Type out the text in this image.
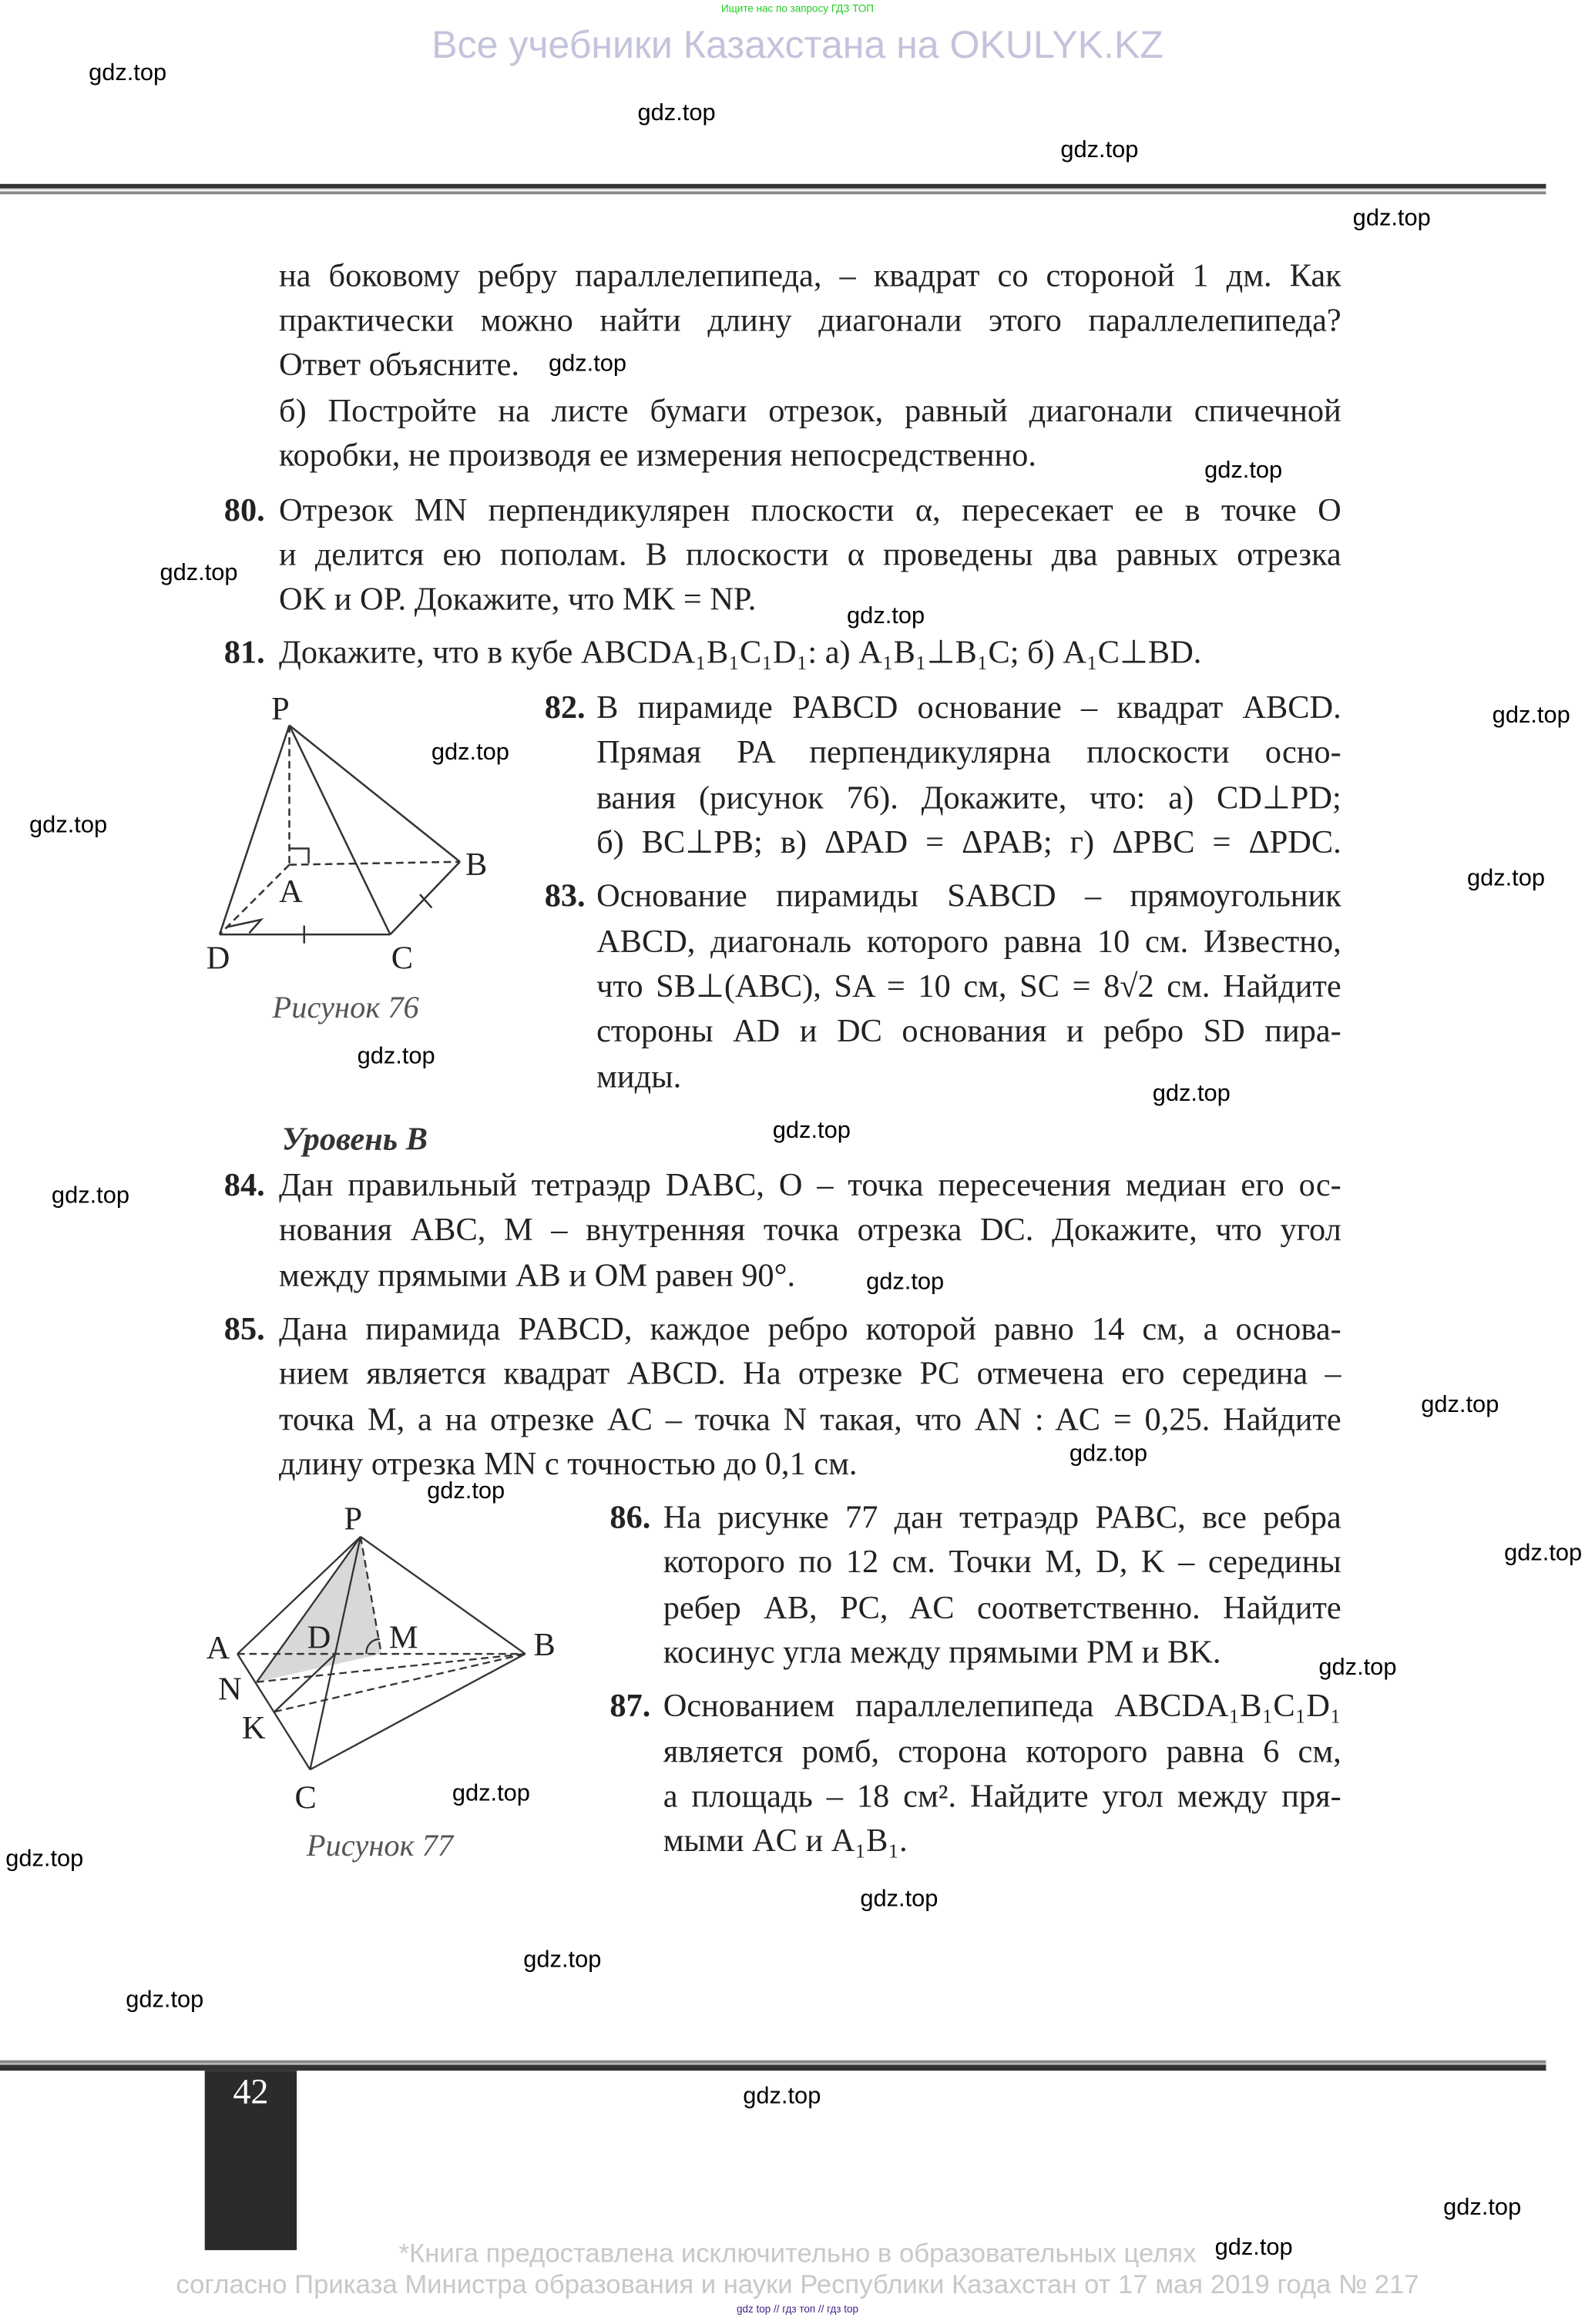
Ищите нас по запросу ГДЗ ТОП
Все учебники Казахстана на OKULYK.KZ
на боковому ребру параллелепипеда, – квадрат со стороной 1 дм. Как
практически можно найти длину диагонали этого параллелепипеда?
Ответ объясните.
б) Постройте на листе бумаги отрезок, равный диагонали спичечной
коробки, не производя ее измерения непосредственно.
80. Отрезок MN перпендикулярен плоскости α, пересекает ее в точке O
и делится ею пополам. В плоскости α проведены два равных отрезка
OK и OP. Докажите, что MK = NP.
81. Докажите, что в кубе ABCDA₁B₁C₁D₁: а) A₁B₁⊥B₁C; б) A₁C⊥BD.
82. В пирамиде PABCD основание – квадрат ABCD.
Прямая PA перпендикулярна плоскости осно-
вания (рисунок 76). Докажите, что: а) CD⊥PD;
б) BC⊥PB; в) ΔPAD = ΔPAB; г) ΔPBC = ΔPDC.
83. Основание пирамиды SABCD – прямоугольник
ABCD, диагональ которого равна 10 см. Известно,
что SB⊥(ABC), SA = 10 см, SC = 8√2 см. Найдите
стороны AD и DC основания и ребро SD пира-
миды.
84. Дан правильный тетраэдр DABC, O – точка пересечения медиан его ос-
нования ABC, M – внутренняя точка отрезка DC. Докажите, что угол
между прямыми AB и OM равен 90°.
85. Дана пирамида PABCD, каждое ребро которой равно 14 см, а основа-
нием является квадрат ABCD. На отрезке PC отмечена его середина –
точка M, а на отрезке AC – точка N такая, что AN : AC = 0,25. Найдите
длину отрезка MN с точностью до 0,1 см.
86. На рисунке 77 дан тетраэдр PABC, все ребра
которого по 12 см. Точки M, D, K – середины
ребер AB, PC, AC соответственно. Найдите
косинус угла между прямыми PM и BK.
87. Основанием параллелепипеда ABCDA₁B₁C₁D₁
является ромб, сторона которого равна 6 см,
а площадь – 18 см². Найдите угол между пря-
мыми AC и A₁B₁.
Уровень B
P
A
B
D	C
Рисунок 76
P
A	D	M	B
N
K
C
Рисунок 77
42
*Книга предоставлена исключительно в образовательных целях
согласно Приказа Министра образования и науки Республики Казахстан от 17 мая 2019 года № 217
gdz top // гдз топ // гдз top
gdz.top
gdz.top
gdz.top
gdz.top
gdz.top
gdz.top
gdz.top
gdz.top
gdz.top
gdz.top
gdz.top
gdz.top
gdz.top
gdz.top
gdz.top
gdz.top
gdz.top
gdz.top
gdz.top
gdz.top
gdz.top
gdz.top
gdz.top
gdz.top
gdz.top
gdz.top
gdz.top
gdz.top
gdz.top
gdz.top
